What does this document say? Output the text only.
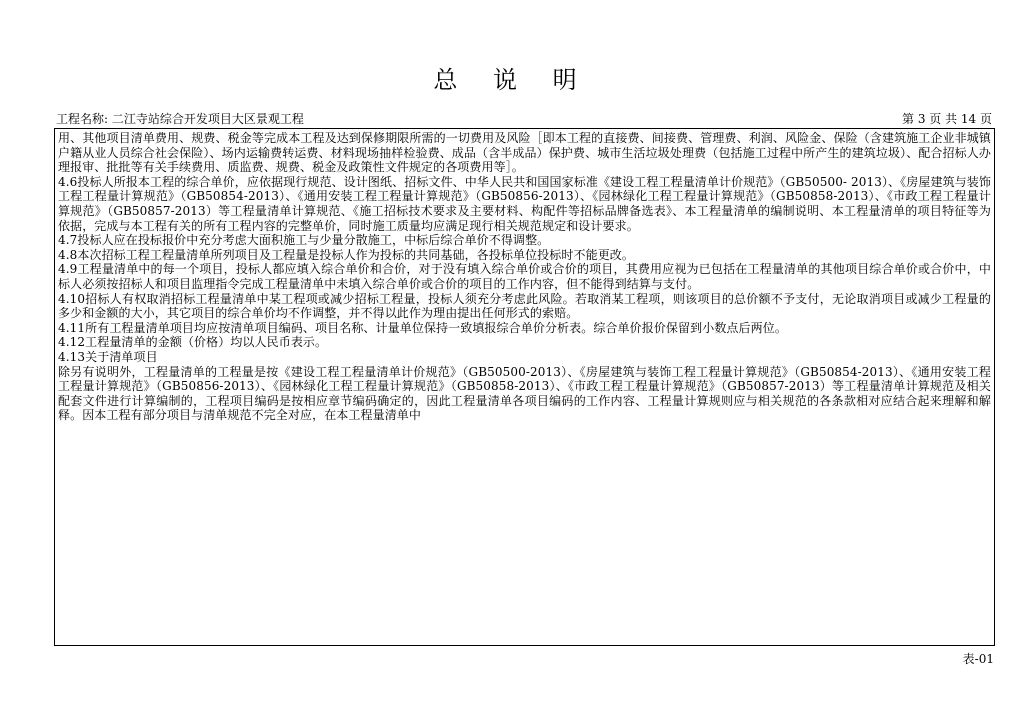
总 说 明
工程名称: 二江寺站综合开发项目大区景观工程	第 3 页 共 14 页

用、其他项目清单费用、规费、税金等完成本工程及达到保修期限所需的一切费用及风险［即本工程的直接费、间接费、管理费、利润、风险金、保险（含建筑施工企业非城镇户籍从业人员综合社会保险）、场内运输费转运费、材料现场抽样检验费、成品（含半成品）保护费、城市生活垃圾处理费（包括施工过程中所产生的建筑垃圾）、配合招标人办理报审、批批等有关手续费用、质监费、规费、税金及政策性文件规定的各项费用等］。

4.6投标人所报本工程的综合单价，应依据现行规范、设计图纸、招标文件、中华人民共和国国家标准《建设工程工程量清单计价规范》（GB50500- 2013）、《房屋建筑与装饰工程工程量计算规范》（GB50854-2013）、《通用安装工程工程量计算规范》（GB50856-2013）、《园林绿化工程工程量计算规范》（GB50858-2013）、《市政工程工程量计算规范》（GB50857-2013）等工程量清单计算规范、《施工招标技术要求及主要材料、构配件等招标品牌备选表》、本工程量清单的编制说明、本工程量清单的项目特征等为依据，完成与本工程有关的所有工程内容的完整单价，同时施工质量均应满足现行相关规范规定和设计要求。

4.7投标人应在投标报价中充分考虑大面积施工与少量分散施工，中标后综合单价不得调整。

4.8本次招标工程工程量清单所列项目及工程量是投标人作为投标的共同基础，各投标单位投标时不能更改。

4.9工程量清单中的每一个项目，投标人都应填入综合单价和合价，对于没有填入综合单价或合价的项目，其费用应视为已包括在工程量清单的其他项目综合单价或合价中，中标人必须按招标人和项目监理指令完成工程量清单中未填入综合单价或合价的项目的工作内容，但不能得到结算与支付。

4.10招标人有权取消招标工程量清单中某工程项或减少招标工程量，投标人须充分考虑此风险。若取消某工程项，则该项目的总价额不予支付，无论取消项目或减少工程量的多少和金额的大小，其它项目的综合单价均不作调整，并不得以此作为理由提出任何形式的索赔。

4.11所有工程量清单项目均应按清单项目编码、项目名称、计量单位保持一致填报综合单价分析表。综合单价报价保留到小数点后两位。

4.12工程量清单的金额（价格）均以人民币表示。

4.13关于清单项目

除另有说明外，工程量清单的工程量是按《建设工程工程量清单计价规范》（GB50500-2013）、《房屋建筑与装饰工程工程量计算规范》（GB50854-2013）、《通用安装工程工程量计算规范》（GB50856-2013）、《园林绿化工程工程量计算规范》（GB50858-2013）、《市政工程工程量计算规范》（GB50857-2013）等工程量清单计算规范及相关配套文件进行计算编制的，工程项目编码是按相应章节编码确定的，因此工程量清单各项目编码的工作内容、工程量计算规则应与相关规范的各条款相对应结合起来理解和解释。因本工程有部分项目与清单规范不完全对应，在本工程量清单中

表-01
